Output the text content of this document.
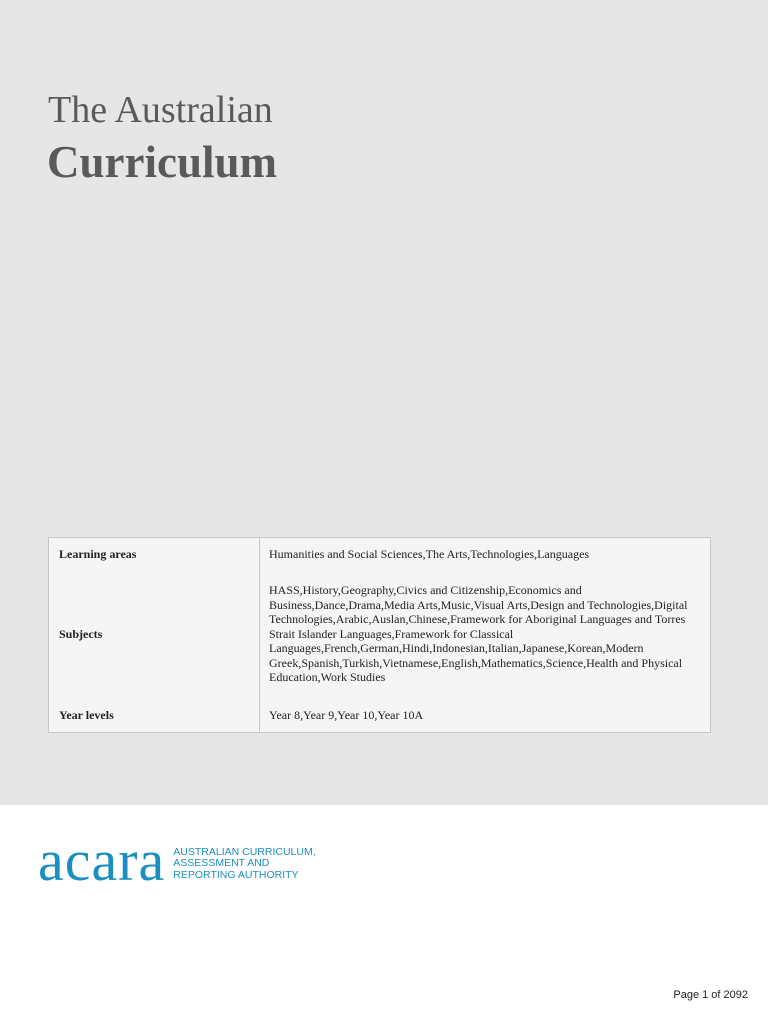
The Australian
Curriculum
Learning areas	Humanities and Social Sciences,The Arts,Technologies,Languages
Subjects	HASS,History,Geography,Civics and Citizenship,Economics and Business,Dance,Drama,Media Arts,Music,Visual Arts,Design and Technologies,Digital Technologies,Arabic,Auslan,Chinese,Framework for Aboriginal Languages and Torres Strait Islander Languages,Framework for Classical Languages,French,German,Hindi,Indonesian,Italian,Japanese,Korean,Modern Greek,Spanish,Turkish,Vietnamese,English,Mathematics,Science,Health and Physical Education,Work Studies
Year levels	Year 8,Year 9,Year 10,Year 10A
acara AUSTRALIAN CURRICULUM,
ASSESSMENT AND
REPORTING AUTHORITY
Page 1 of 2092
